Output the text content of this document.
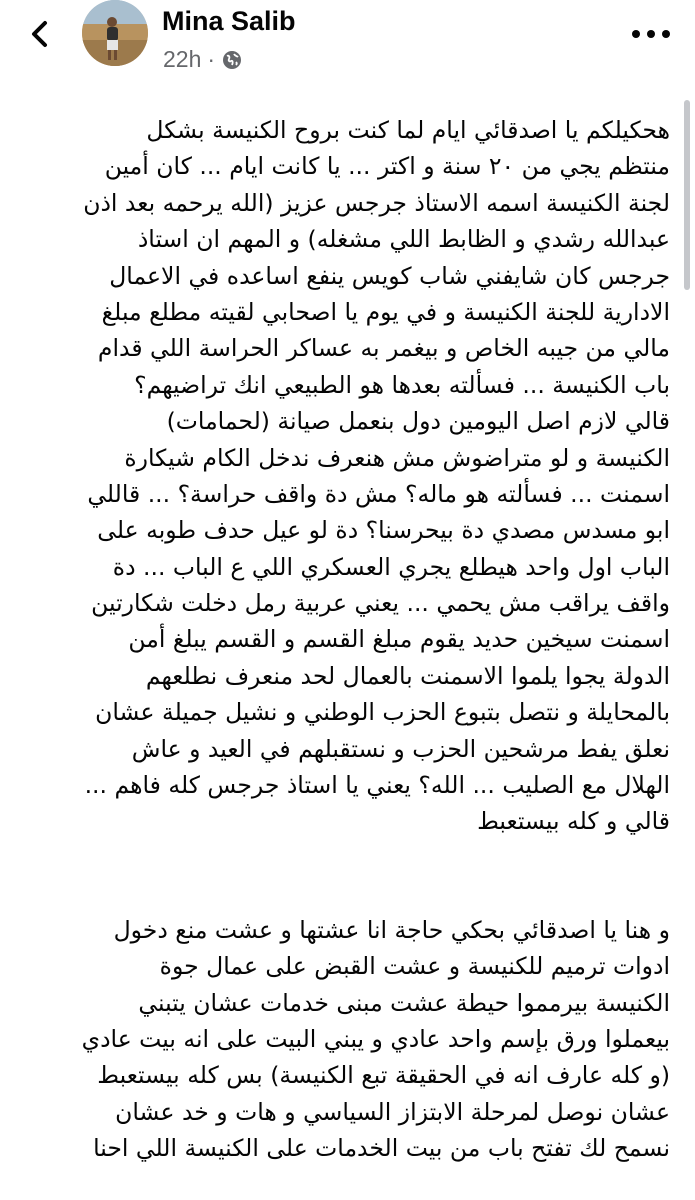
Mina Salib
22h ·
هحكيلكم يا اصدقائي ايام لما كنت بروح الكنيسة بشكل
منتظم يجي من ٢٠ سنة و اكتر ... يا كانت ايام ... كان أمين
لجنة الكنيسة اسمه الاستاذ جرجس عزيز (الله يرحمه بعد اذن
عبدالله رشدي و الظابط اللي مشغله) و المهم ان استاذ
جرجس كان شايفني شاب كويس ينفع اساعده في الاعمال
الادارية للجنة الكنيسة و في يوم يا اصحابي لقيته مطلع مبلغ
مالي من جيبه الخاص و بيغمر به عساكر الحراسة اللي قدام
باب الكنيسة ... فسألته بعدها هو الطبيعي انك تراضيهم؟
قالي لازم اصل اليومين دول بنعمل صيانة (لحمامات)
الكنيسة و لو متراضوش مش هنعرف ندخل الكام شيكارة
اسمنت ... فسألته هو ماله؟ مش دة واقف حراسة؟ ... قاللي
ابو مسدس مصدي دة بيحرسنا؟ دة لو عيل حدف طوبه على
الباب اول واحد هيطلع يجري العسكري اللي ع الباب ... دة
واقف يراقب مش يحمي ... يعني عربية رمل دخلت شكارتين
اسمنت سيخين حديد يقوم مبلغ القسم و القسم يبلغ أمن
الدولة يجوا يلموا الاسمنت بالعمال لحد منعرف نطلعهم
بالمحايلة و نتصل بتبوع الحزب الوطني و نشيل جميلة عشان
نعلق يفط مرشحين الحزب و نستقبلهم في العيد و عاش
الهلال مع الصليب ... الله؟ يعني يا استاذ جرجس كله فاهم ...
قالي و كله بيستعبط
و هنا يا اصدقائي بحكي حاجة انا عشتها و عشت منع دخول
ادوات ترميم للكنيسة و عشت القبض على عمال جوة
الكنيسة بيرمموا حيطة عشت مبنى خدمات عشان يتبني
بيعملوا ورق بإسم واحد عادي و يبني البيت على انه بيت عادي
(و كله عارف انه في الحقيقة تبع الكنيسة) بس كله بيستعبط
عشان نوصل لمرحلة الابتزاز السياسي و هات و خد عشان
نسمح لك تفتح باب من بيت الخدمات على الكنيسة اللي احنا
